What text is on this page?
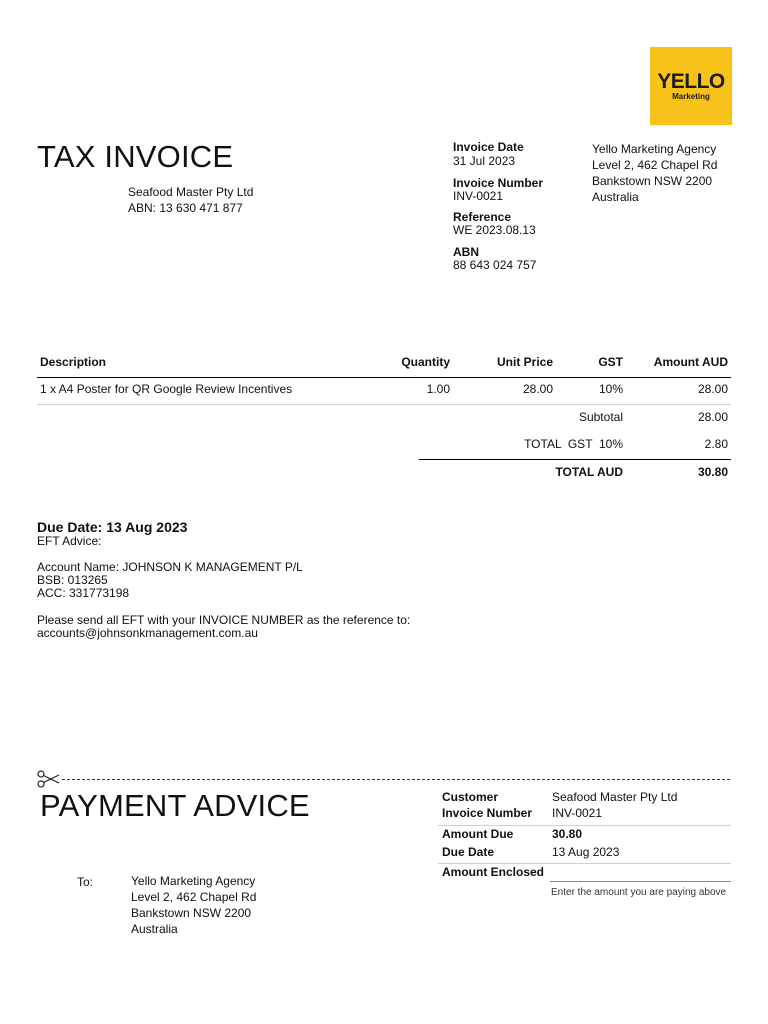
YELLO
Marketing
TAX INVOICE
Seafood Master Pty Ltd
ABN: 13 630 471 877
Invoice Date
31 Jul 2023
Invoice Number
INV-0021
Reference
WE 2023.08.13
ABN
88 643 024 757
Yello Marketing Agency
Level 2, 462 Chapel Rd
Bankstown NSW 2200
Australia
Description	Quantity	Unit Price	GST	Amount AUD
1 x A4 Poster for QR Google Review Incentives	1.00	28.00	10%	28.00
Subtotal	28.00
TOTAL  GST  10%	2.80
TOTAL AUD	30.80
Due Date: 13 Aug 2023
EFT Advice:
Account Name: JOHNSON K MANAGEMENT P/L
BSB: 013265
ACC: 331773198
Please send all EFT with your INVOICE NUMBER as the reference to:
accounts@johnsonkmanagement.com.au
PAYMENT ADVICE
To:	Yello Marketing Agency
Level 2, 462 Chapel Rd
Bankstown NSW 2200
Australia
Customer	Seafood Master Pty Ltd
Invoice Number INV-0021
Amount Due	30.80
Due Date	13 Aug 2023
Amount Enclosed
Enter the amount you are paying above
